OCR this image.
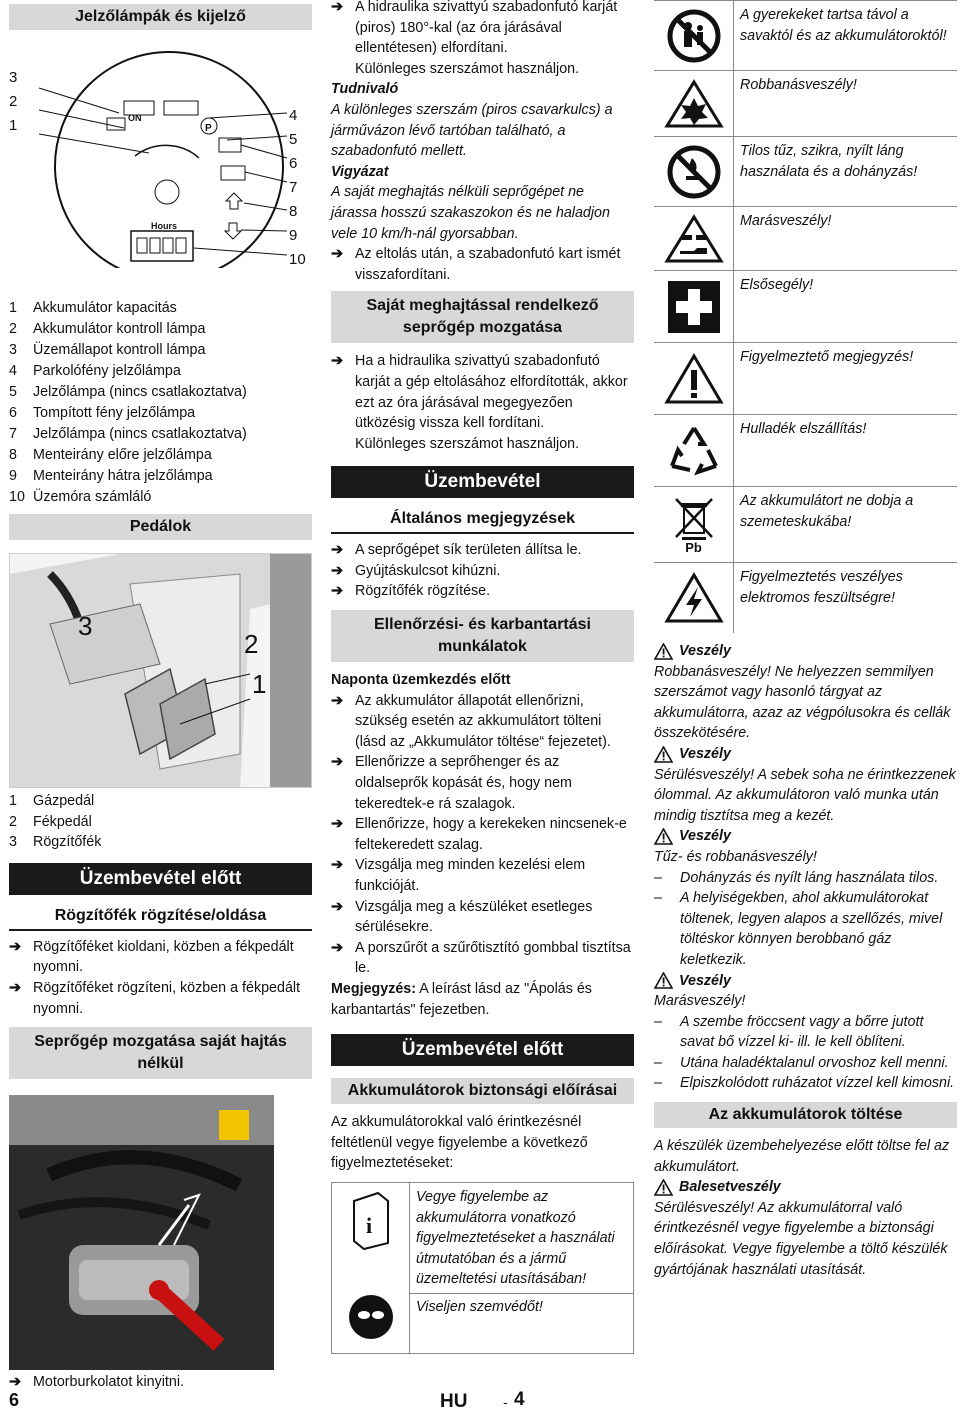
Jelzőlámpák és kijelző
3
2
1	ON
Hours
P
4
5
6
7
8
9
10
1	Akkumulátor kapacitás
2	Akkumulátor kontroll lámpa
3	Üzemállapot kontroll lámpa
4	Parkolófény jelzőlámpa
5	Jelzőlámpa (nincs csatlakoztatva)
6	Tompított fény jelzőlámpa
7	Jelzőlámpa (nincs csatlakoztatva)
8	Menteirány előre jelzőlámpa
9	Menteirány hátra jelzőlámpa
10 Üzemóra számláló
Pedálok
3
2
1
1	Gázpedál
2	Fékpedál
3	Rögzítőfék
Üzembevétel előtt
Rögzítőfék rögzítése/oldása
➔ Rögzítőféket kioldani, közben a fékpedált nyomni.
➔ Rögzítőféket rögzíteni, közben a fékpedált nyomni.
Seprőgép mozgatása saját hajtás nélkül
➔ Motorburkolatot kinyitni.
➔ A hidraulika szivattyú szabadonfutó karját (piros) 180°-kal (az óra járásával ellentétesen) elfordítani.
Különleges szerszámot használjon.
Tudnivaló
A különleges szerszám (piros csavarkulcs) a járművázon lévő tartóban található, a szabadonfutó mellett.
Vigyázat
A saját meghajtás nélküli seprőgépet ne járassa hosszú szakaszokon és ne haladjon vele 10 km/h-nál gyorsabban.
➔ Az eltolás után, a szabadonfutó kart ismét visszafordítani.
Saját meghajtással rendelkező seprőgép mozgatása
➔ Ha a hidraulika szivattyú szabadonfutó karját a gép eltolásához elfordították, akkor ezt az óra járásával megegyezően ütközésig vissza kell fordítani.
Különleges szerszámot használjon.
Üzembevétel
Általános megjegyzések
➔ A seprőgépet sík területen állítsa le.
➔ Gyújtáskulcsot kihúzni.
➔ Rögzítőfék rögzítése.
Ellenőrzési- és karbantartási munkálatok
Naponta üzemkezdés előtt
➔ Az akkumulátor állapotát ellenőrizni, szükség esetén az akkumulátort tölteni (lásd az „Akkumulátor töltése“ fejezetet).
➔ Ellenőrizze a seprőhenger és az oldalseprők kopását és, hogy nem tekeredtek-e rá szalagok.
➔ Ellenőrizze, hogy a kerekeken nincsenek-e feltekeredett szalag.
➔ Vizsgálja meg minden kezelési elem funkcióját.
➔ Vizsgálja meg a készüléket esetleges sérülésekre.
➔ A porszűrőt a szűrőtisztító gombbal tisztítsa le.
Megjegyzés: A leírást lásd az "Ápolás és karbantartás" fejezetben.
Üzembevétel előtt
Akkumulátorok biztonsági előírásai
Az akkumulátorokkal való érintkezésnél feltétlenül vegye figyelembe a következő figyelmeztetéseket:
i
Vegye figyelembe az akkumulátorra vonatkozó figyelmeztetéseket a használati útmutatóban és a jármű üzemeltetési utasításában!
Viseljen szemvédőt!
A gyerekeket tartsa távol a savaktól és az akkumulátoroktól!
Robbanásveszély!
Tilos tűz, szikra, nyílt láng használata és a dohányzás!
Marásveszély!
Elsősegély!
Figyelmeztető megjegyzés!
Hulladék elszállítás!
Pb
Az akkumulátort ne dobja a szemeteskukába!
Figyelmeztetés veszélyes elektromos feszültségre!
Veszély
Robbanásveszély! Ne helyezzen semmilyen szerszámot vagy hasonló tárgyat az akkumulátorra, azaz az végpólusokra és cellák összekötésére.
Veszély
Sérülésveszély! A sebek soha ne érintkezzenek ólommal. Az akkumulátoron való munka után mindig tisztítsa meg a kezét.
Veszély
Tűz- és robbanásveszély!
– Dohányzás és nyílt láng használata tilos.
– A helyiségekben, ahol akkumulátorokat töltenek, legyen alapos a szellőzés, mivel töltéskor könnyen berobbanó gáz keletkezik.
Veszély
Marásveszély!
– A szembe fröccsent vagy a bőrre jutott savat bő vízzel ki- ill. le kell öblíteni.
– Utána haladéktalanul orvoshoz kell menni.
– Elpiszkolódott ruházatot vízzel kell kimosni.
Az akkumulátorok töltése
A készülék üzembehelyezése előtt töltse fel az akkumulátort.
Balesetveszély
Sérülésveszély! Az akkumulátorral való érintkezésnél vegye figyelembe a biztonsági előírásokat. Vegye figyelembe a töltő készülék gyártójának használati utasítását.
6	HU	- 4
